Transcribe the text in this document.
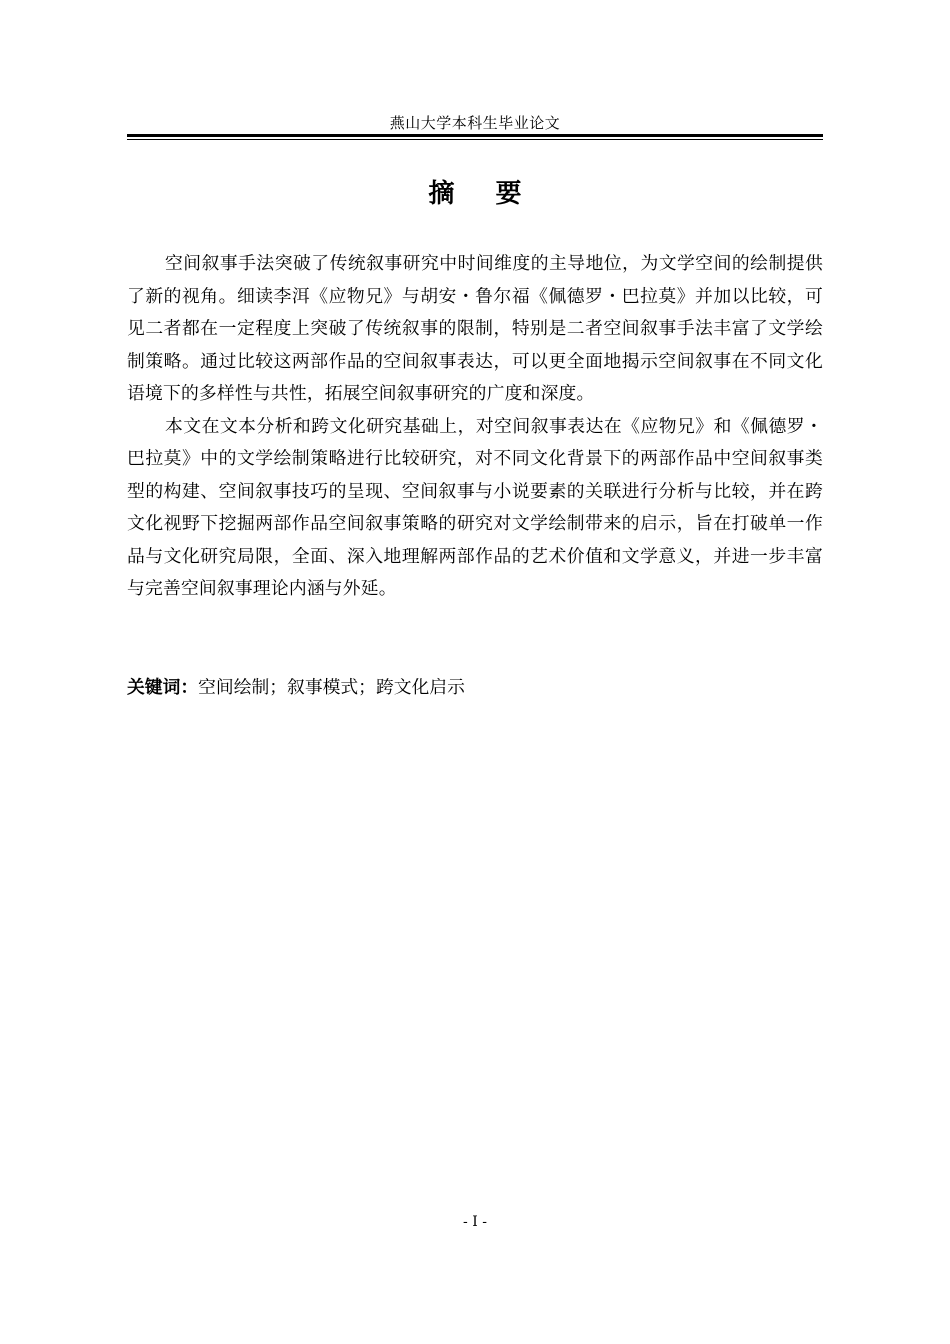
燕山大学本科生毕业论文
摘 要

空间叙事手法突破了传统叙事研究中时间维度的主导地位，为文学空间的绘制提供了新的视角。细读李洱《应物兄》与胡安・鲁尔福《佩德罗・巴拉莫》并加以比较，可见二者都在一定程度上突破了传统叙事的限制，特别是二者空间叙事手法丰富了文学绘制策略。通过比较这两部作品的空间叙事表达，可以更全面地揭示空间叙事在不同文化语境下的多样性与共性，拓展空间叙事研究的广度和深度。

本文在文本分析和跨文化研究基础上，对空间叙事表达在《应物兄》和《佩德罗・巴拉莫》中的文学绘制策略进行比较研究，对不同文化背景下的两部作品中空间叙事类型的构建、空间叙事技巧的呈现、空间叙事与小说要素的关联进行分析与比较，并在跨文化视野下挖掘两部作品空间叙事策略的研究对文学绘制带来的启示，旨在打破单一作品与文化研究局限，全面、深入地理解两部作品的艺术价值和文学意义，并进一步丰富与完善空间叙事理论内涵与外延。

关键词：空间绘制；叙事模式；跨文化启示
- I -
